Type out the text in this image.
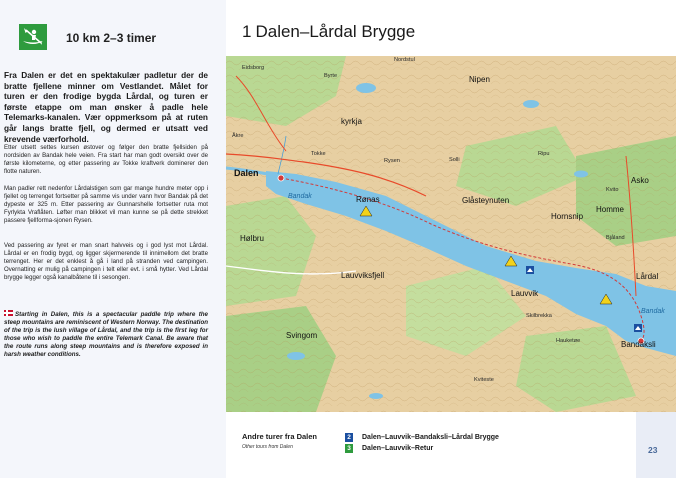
10 km 2–3 timer

Fra Dalen er det en spektakulær padletur der de bratte fjellene minner om Vestlandet. Målet for turen er den frodige bygda Lårdal, og turen er første etappe om man ønsker å padle hele Telemarks-kanalen. Vær oppmerksom på at ruten går langs bratte fjell, og dermed er utsatt ved krevende værforhold.

Etter utsett settes kursen østover og følger den bratte fjellsiden på nordsiden av Bandak hele veien. Fra start har man godt oversikt over de første kilometerne, og etter passering av Tokke kraftverk dominerer den flotte naturen.

Man padler rett nedenfor Lårdalstigen som gar mange hundre meter opp i fjellet og terrenget fortsetter på samme vis under vann hvor Bandak på det dypeste er 325 m. Etter passering av Gunnarshelle fortsetter ruta mot Fyrlykta Vraflåten. Løfter man blikket vil man kunne se på dette strekket passere fjellforma-sjonen Rysen.

Ved passering av fyret er man snart halvveis og i god lyst mot Lårdal. Lårdal er en frodig bygd, og ligger skjermerende til innimellom det bratte terrenget. Her er det enklest å gå i land på stranden ved campingen. Overnatting er mulig på campingen i telt eller evt. i små hytter. Ved Lårdal brygge legger også kanalbåtene til i sesongen.

Starting in Dalen, this is a spectacular paddle trip where the steep mountains are reminiscent of Western Norway. The destination of the trip is the lush village of Lårdal, and the trip is the first leg for those who wish to paddle the entire Telemark Canal. Be aware that the route runs along steep mountains and is therefore exposed in harsh weather conditions.

1 Dalen–Lårdal Brygge
Dalen
Bandak
Bandak
Lårdal
Bandaksli
Nipen
Rønas
Hornsnip
Homme
Lauvviksfjell
Svingom
Hølbru
kyrkja
Åkre
Eidsborg
Byrte
Tokke
Rysen
Lauvvik
Asko
Kvito
Bjåland
Ripu
Nordstul
Solli
Glåsteynuten
Hauketøe
Skilbrekka
Kviteste
Andre turer fra Dalen
Other tours from Dalen
2	Dalen–Lauvvik–Bandaksli–Lårdal Brygge
3	Dalen–Lauvvik–Retur	23
